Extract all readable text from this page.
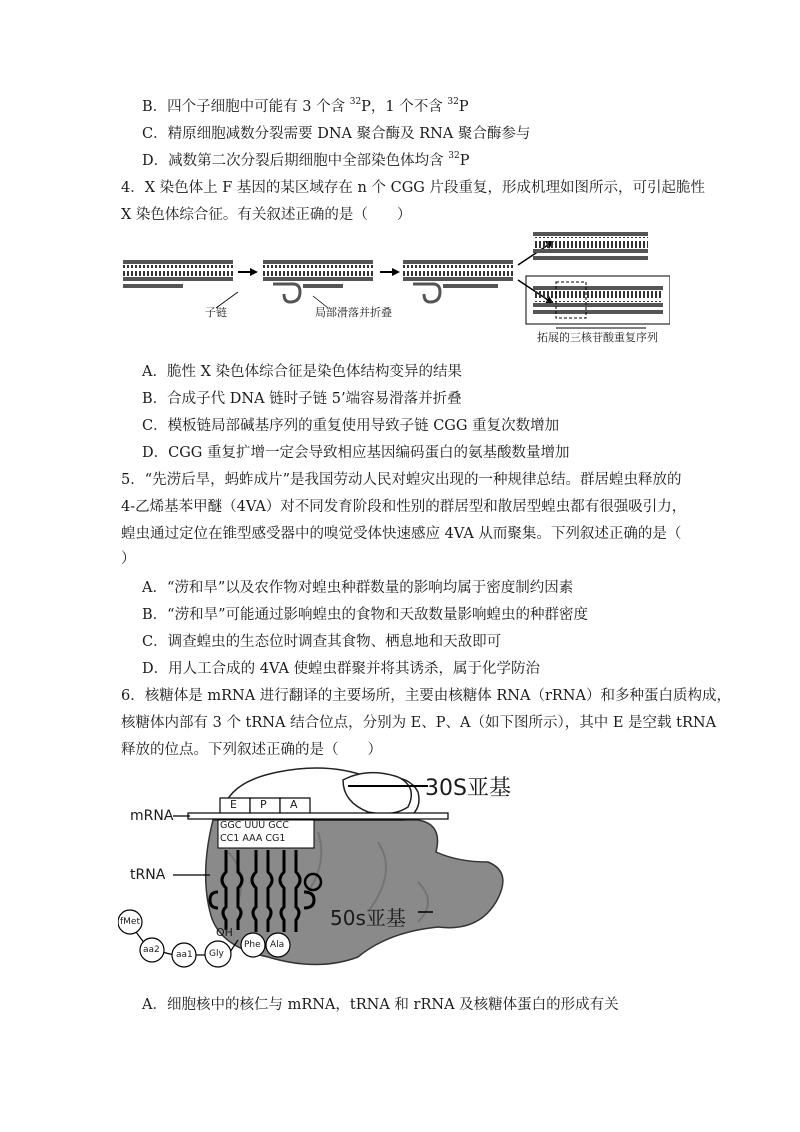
B．四个子细胞中可能有 3 个含 $^{32}$P，1 个不含 $^{32}$P
C．精原细胞减数分裂需要 DNA 聚合酶及 RNA 聚合酶参与
D．减数第二次分裂后期细胞中全部染色体均含 $^{32}$P
4．X 染色体上 F 基因的某区域存在 n 个 CGG 片段重复，形成机理如图所示，可引起脆性
X 染色体综合征。有关叙述正确的是（　　）
子链	局部滑落并折叠
拓展的三核苷酸重复序列
A．脆性 X 染色体综合征是染色体结构变异的结果
B．合成子代 DNA 链时子链 5’端容易滑落并折叠
C．模板链局部碱基序列的重复使用导致子链 CGG 重复次数增加
D．CGG 重复扩增一定会导致相应基因编码蛋白的氨基酸数量增加
5．“先涝后旱，蚂蚱成片”是我国劳动人民对蝗灾出现的一种规律总结。群居蝗虫释放的
4-乙烯基苯甲醚（4VA）对不同发育阶段和性别的群居型和散居型蝗虫都有很强吸引力，
蝗虫通过定位在锥型感受器中的嗅觉受体快速感应 4VA 从而聚集。下列叙述正确的是（
）
A．“涝和旱”以及农作物对蝗虫种群数量的影响均属于密度制约因素
B．“涝和旱”可能通过影响蝗虫的食物和天敌数量影响蝗虫的种群密度
C．调查蝗虫的生态位时调查其食物、栖息地和天敌即可
D．用人工合成的 4VA 使蝗虫群聚并将其诱杀，属于化学防治
6．核糖体是 mRNA 进行翻译的主要场所，主要由核糖体 RNA（rRNA）和多种蛋白质构成，
核糖体内部有 3 个 tRNA 结合位点，分别为 E、P、A（如下图所示），其中 E 是空载 tRNA
释放的位点。下列叙述正确的是（　　）
30S亚基
50s亚基
mRNA
tRNA
E P A
GGC UUU GCC
CC1 AAA CG1
OH
fMet
aa2 aa1 Gly
Phe Ala
A．细胞核中的核仁与 mRNA，tRNA 和 rRNA 及核糖体蛋白的形成有关
